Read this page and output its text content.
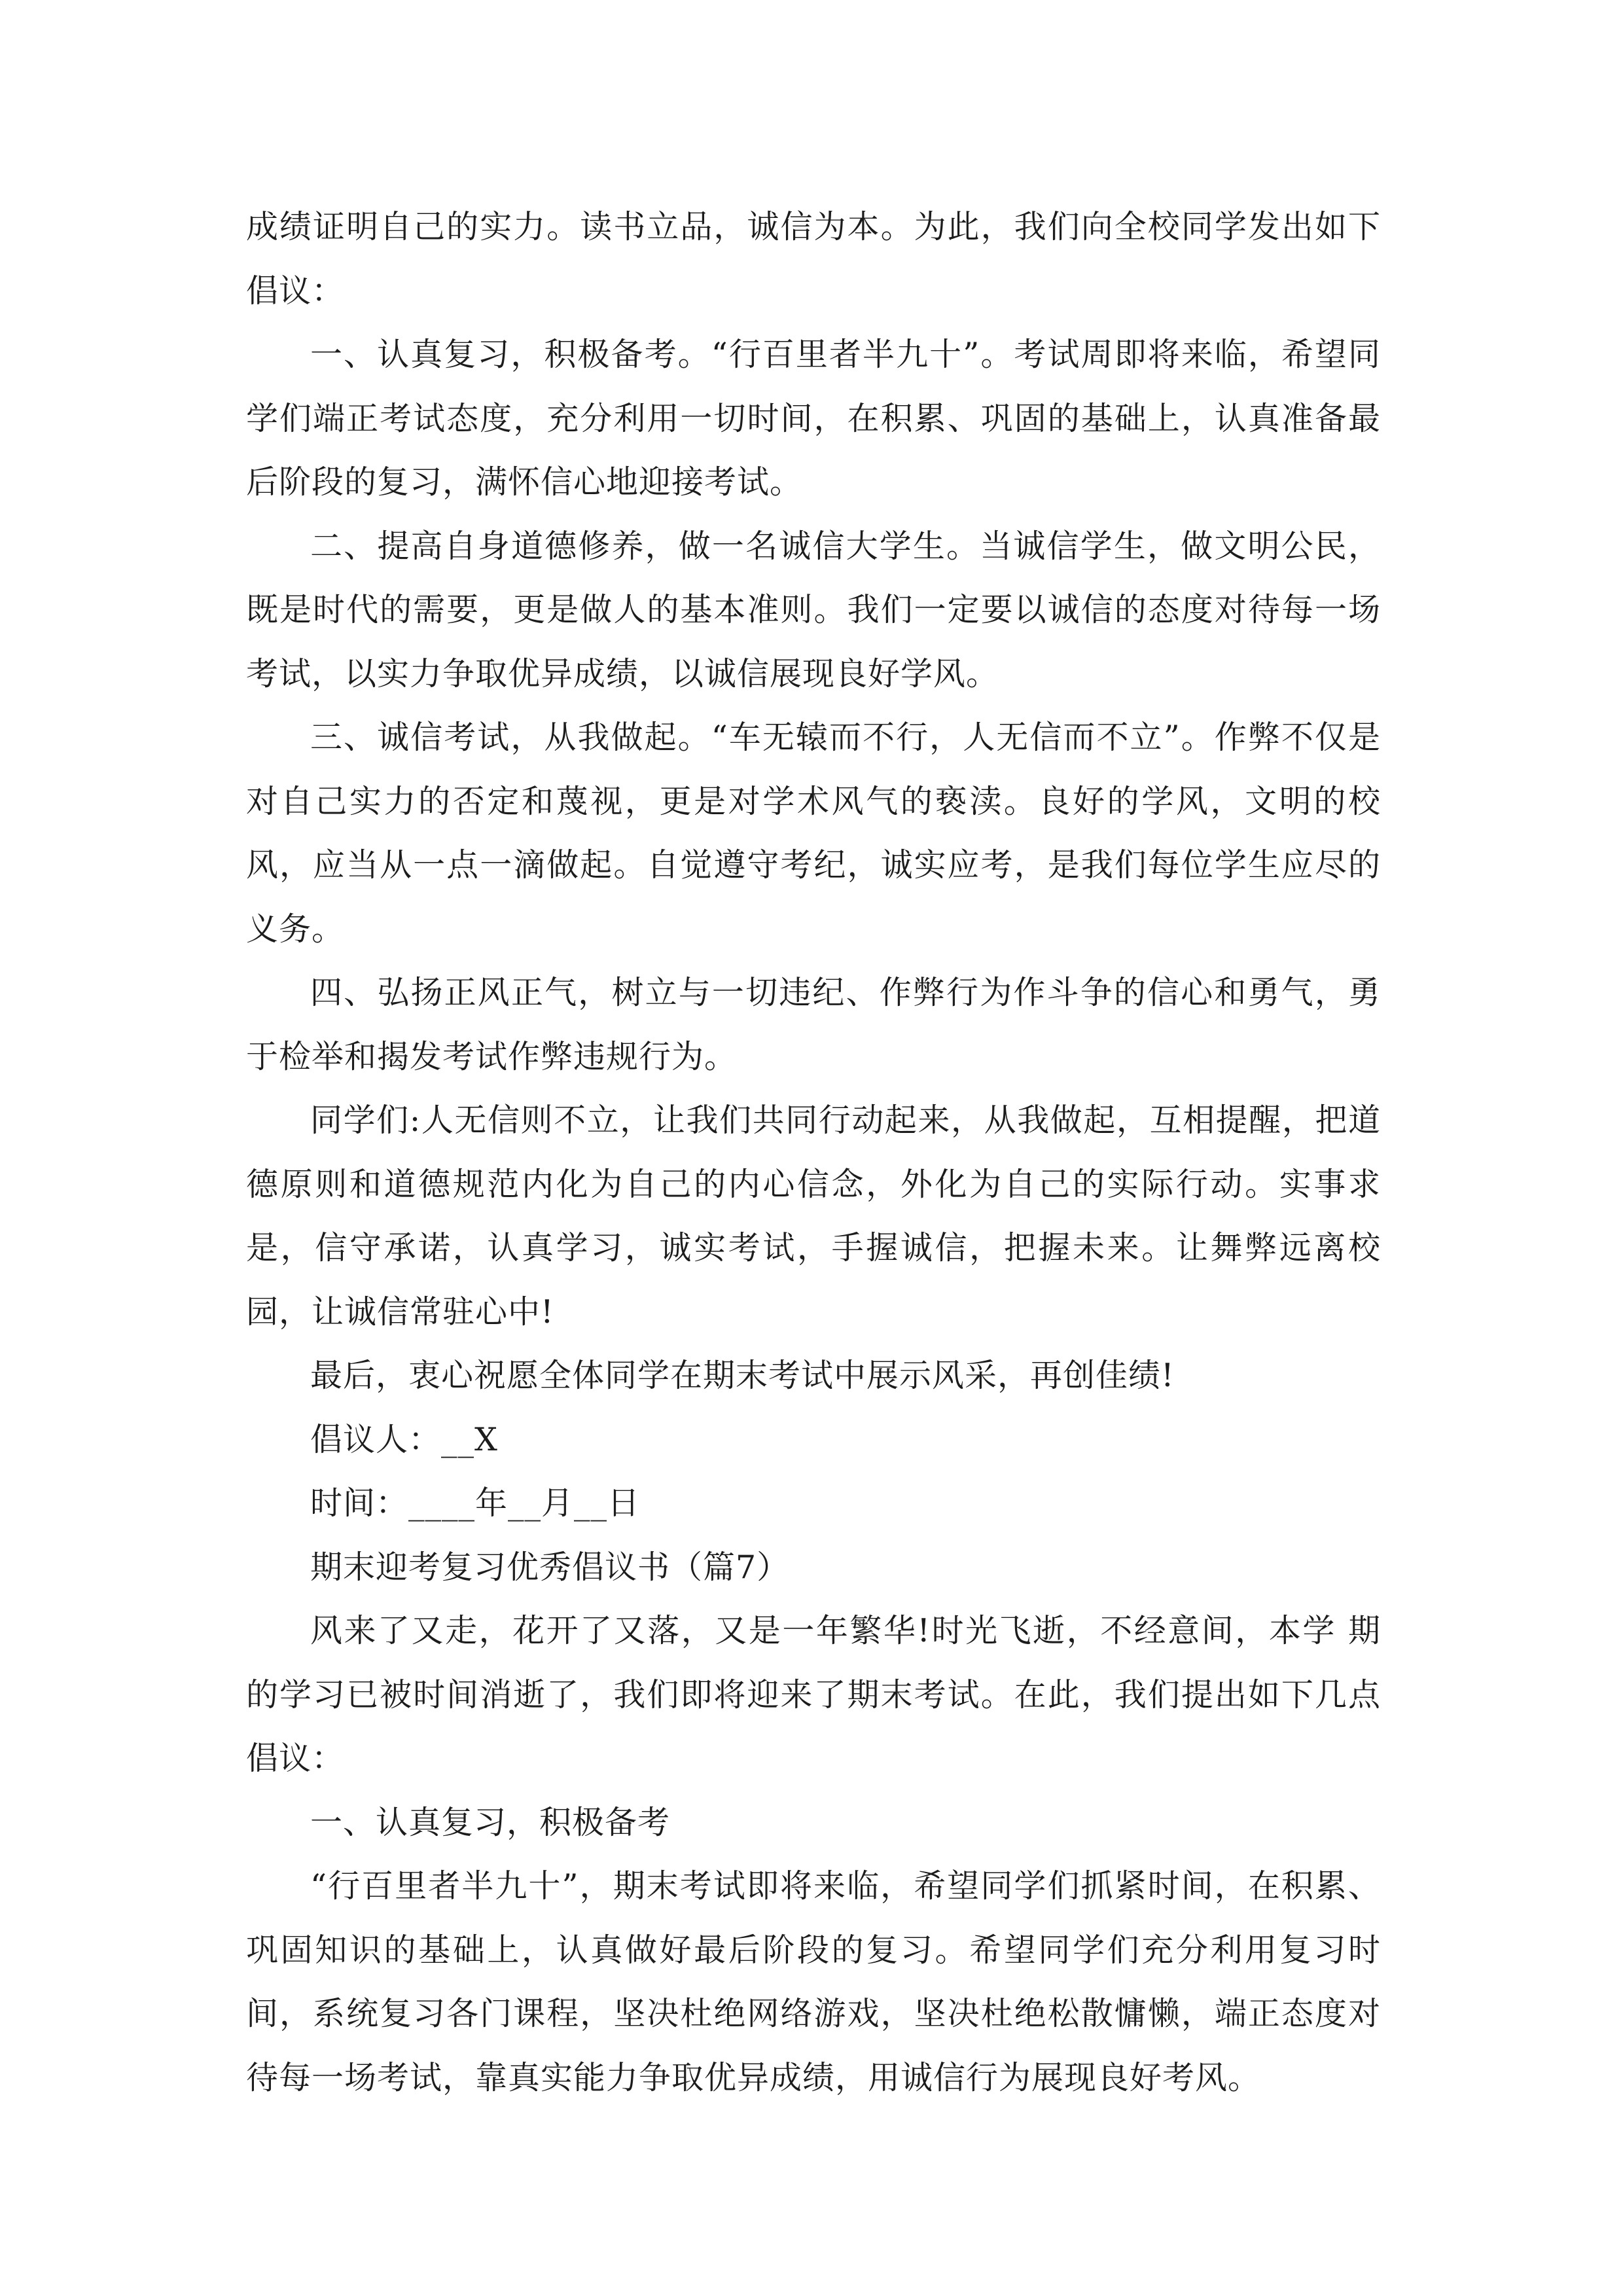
成绩证明自己的实力。读书立品，诚信为本。为此，我们向全校同学发出如下倡议：

一、认真复习，积极备考。“行百里者半九十”。考试周即将来临，希望同学们端正考试态度，充分利用一切时间，在积累、巩固的基础上，认真准备最后阶段的复习，满怀信心地迎接考试。

二、提高自身道德修养，做一名诚信大学生。当诚信学生，做文明公民，既是时代的需要，更是做人的基本准则。我们一定要以诚信的态度对待每一场考试，以实力争取优异成绩，以诚信展现良好学风。

三、诚信考试，从我做起。“车无辕而不行，人无信而不立”。作弊不仅是对自己实力的否定和蔑视，更是对学术风气的亵渎。良好的学风，文明的校风，应当从一点一滴做起。自觉遵守考纪，诚实应考，是我们每位学生应尽的义务。

四、弘扬正风正气，树立与一切违纪、作弊行为作斗争的信心和勇气，勇于检举和揭发考试作弊违规行为。

同学们:人无信则不立，让我们共同行动起来，从我做起，互相提醒，把道德原则和道德规范内化为自己的内心信念，外化为自己的实际行动。实事求是，信守承诺，认真学习，诚实考试，手握诚信，把握未来。让舞弊远离校园，让诚信常驻心中!

最后，衷心祝愿全体同学在期末考试中展示风采，再创佳绩!

倡议人：__X

时间：____年__月__日

期末迎考复习优秀倡议书（篇7）

风来了又走，花开了又落，又是一年繁华!时光飞逝，不经意间，本学 期的学习已被时间消逝了，我们即将迎来了期末考试。在此，我们提出如下几点倡议：

一、认真复习，积极备考

“行百里者半九十”，期末考试即将来临，希望同学们抓紧时间，在积累、巩固知识的基础上，认真做好最后阶段的复习。希望同学们充分利用复习时间，系统复习各门课程，坚决杜绝网络游戏，坚决杜绝松散慵懒，端正态度对待每一场考试，靠真实能力争取优异成绩，用诚信行为展现良好考风。
